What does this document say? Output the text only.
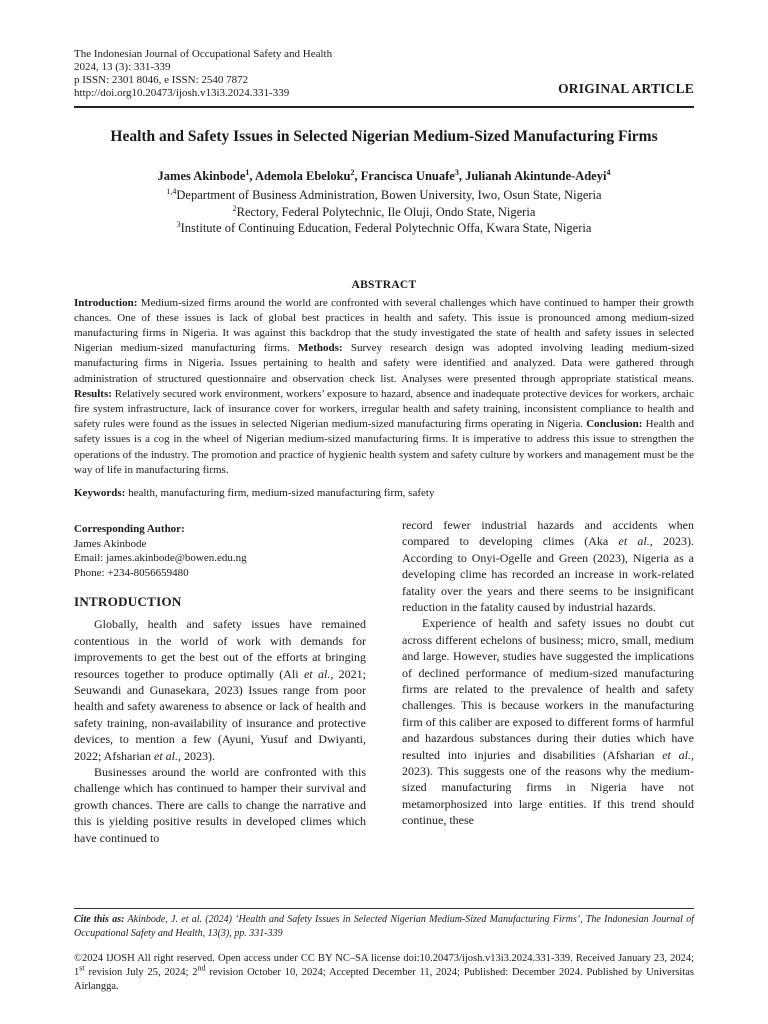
The Indonesian Journal of Occupational Safety and Health
2024, 13 (3): 331-339
p ISSN: 2301 8046, e ISSN: 2540 7872
http://doi.org10.20473/ijosh.v13i3.2024.331-339	ORIGINAL ARTICLE
Health and Safety Issues in Selected Nigerian Medium-Sized Manufacturing Firms
James Akinbode$^1$, Ademola Ebeloku$^2$, Francisca Unuafe$^3$, Julianah Akintunde-Adeyi$^4$
$^{1,4}$Department of Business Administration, Bowen University, Iwo, Osun State, Nigeria
$^2$Rectory, Federal Polytechnic, Ile Oluji, Ondo State, Nigeria
$^3$Institute of Continuing Education, Federal Polytechnic Offa, Kwara State, Nigeria
ABSTRACT
Introduction: Medium-sized firms around the world are confronted with several challenges which have continued to hamper their growth chances. One of these issues is lack of global best practices in health and safety. This issue is pronounced among medium-sized manufacturing firms in Nigeria. It was against this backdrop that the study investigated the state of health and safety issues in selected Nigerian medium-sized manufacturing firms. Methods: Survey research design was adopted involving leading medium-sized manufacturing firms in Nigeria. Issues pertaining to health and safety were identified and analyzed. Data were gathered through administration of structured questionnaire and observation check list. Analyses were presented through appropriate statistical means. Results: Relatively secured work environment, workers’ exposure to hazard, absence and inadequate protective devices for workers, archaic fire system infrastructure, lack of insurance cover for workers, irregular health and safety training, inconsistent compliance to health and safety rules were found as the issues in selected Nigerian medium-sized manufacturing firms operating in Nigeria. Conclusion: Health and safety issues is a cog in the wheel of Nigerian medium-sized manufacturing firms. It is imperative to address this issue to strengthen the operations of the industry. The promotion and practice of hygienic health system and safety culture by workers and management must be the way of life in manufacturing firms.
Keywords: health, manufacturing firm, medium-sized manufacturing firm, safety
Corresponding Author:
James Akinbode
Email: james.akinbode@bowen.edu.ng
Phone: +234-8056659480
INTRODUCTION

Globally, health and safety issues have remained contentious in the world of work with demands for improvements to get the best out of the efforts at bringing resources together to produce optimally (Ali et al., 2021; Seuwandi and Gunasekara, 2023) Issues range from poor health and safety awareness to absence or lack of health and safety training, non-availability of insurance and protective devices, to mention a few (Ayuni, Yusuf and Dwiyanti, 2022; Afsharian et al., 2023).

Businesses around the world are confronted with this challenge which has continued to hamper their survival and growth chances. There are calls to change the narrative and this is yielding positive results in developed climes which have continued to

record fewer industrial hazards and accidents when compared to developing climes (Aka et al., 2023). According to Onyi-Ogelle and Green (2023), Nigeria as a developing clime has recorded an increase in work-related fatality over the years and there seems to be insignificant reduction in the fatality caused by industrial hazards.

Experience of health and safety issues no doubt cut across different echelons of business; micro, small, medium and large. However, studies have suggested the implications of declined performance of medium-sized manufacturing firms are related to the prevalence of health and safety challenges. This is because workers in the manufacturing firm of this caliber are exposed to different forms of harmful and hazardous substances during their duties which have resulted into injuries and disabilities (Afsharian et al., 2023). This suggests one of the reasons why the medium-sized manufacturing firms in Nigeria have not metamorphosized into large entities. If this trend should continue, these

Cite this as: Akinbode, J. et al. (2024) ‘Health and Safety Issues in Selected Nigerian Medium-Sized Manufacturing Firms’, The Indonesian Journal of Occupational Safety and Health, 13(3), pp. 331-339
©2024 IJOSH All right reserved. Open access under CC BY NC–SA license doi:10.20473/ijosh.v13i3.2024.331-339. Received January 23, 2024; 1st revision July 25, 2024; 2nd revision October 10, 2024; Accepted December 11, 2024; Published: December 2024. Published by Universitas Airlangga.
